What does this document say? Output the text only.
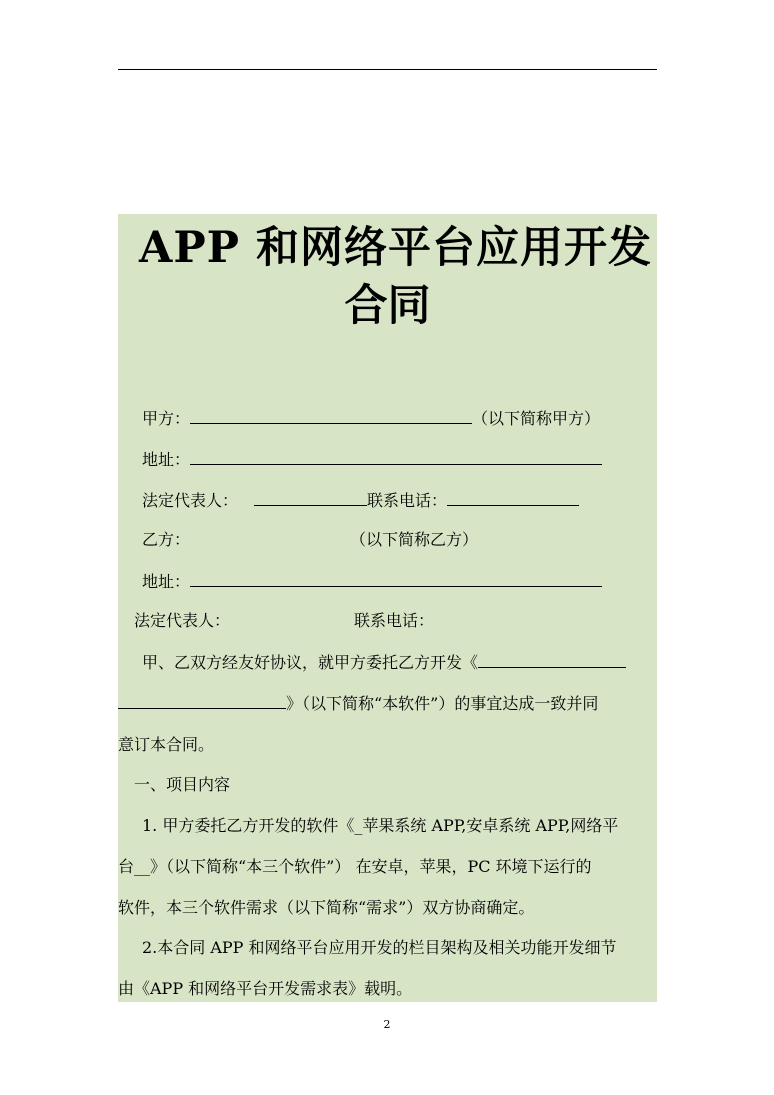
APP 和网络平台应用开发
合同
甲方：	（以下简称甲方）
地址：
法定代表人：	联系电话：
乙方：	（以下简称乙方）
地址：
法定代表人：	联系电话：
甲、乙双方经友好协议，就甲方委托乙方开发《
》（以下简称“本软件”）的事宜达成一致并同
意订本合同。
一、项目内容
1. 甲方委托乙方开发的软件《_苹果系统 APP,安卓系统 APP,网络平
台__》（以下简称“本三个软件”） 在安卓，苹果，PC 环境下运行的
软件，本三个软件需求（以下简称“需求”）双方协商确定。
2.本合同 APP 和网络平台应用开发的栏目架构及相关功能开发细节
由《APP 和网络平台开发需求表》载明。
2
